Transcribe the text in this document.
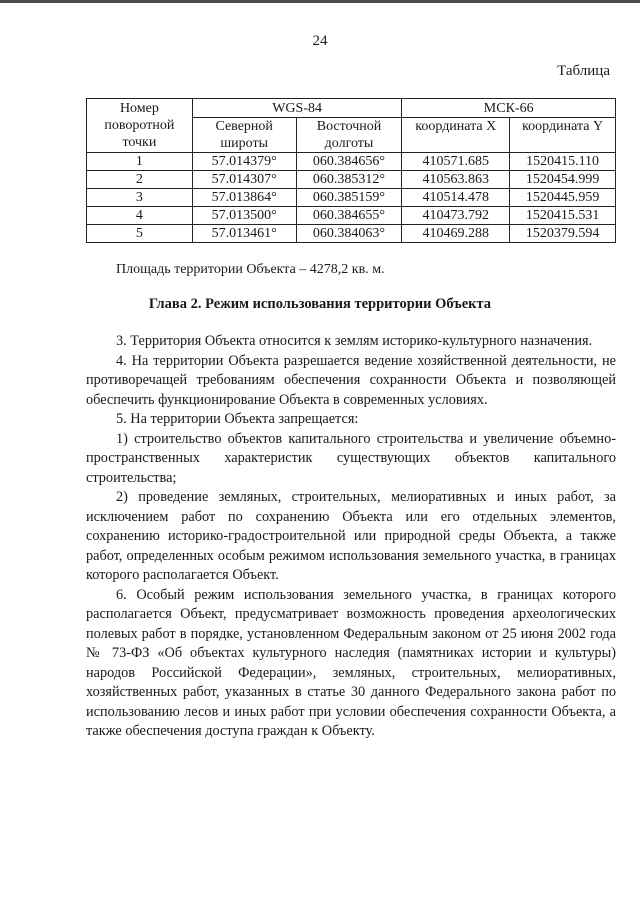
24
Таблица
Номер поворотной точки	WGS-84		МСК-66	
	Северной широты	Восточной долготы	координата X	координата Y
1	57.014379°	060.384656°	410571.685	1520415.110
2	57.014307°	060.385312°	410563.863	1520454.999
3	57.013864°	060.385159°	410514.478	1520445.959
4	57.013500°	060.384655°	410473.792	1520415.531
5	57.013461°	060.384063°	410469.288	1520379.594
Площадь территории Объекта – 4278,2 кв. м.
Глава 2. Режим использования территории Объекта

3. Территория Объекта относится к землям историко-культурного назначения.

4. На территории Объекта разрешается ведение хозяйственной деятельности, не противоречащей требованиям обеспечения сохранности Объекта и позволяющей обеспечить функционирование Объекта в современных условиях.

5. На территории Объекта запрещается:

1) строительство объектов капитального строительства и увеличение объемно-пространственных характеристик существующих объектов капитального строительства;

2) проведение земляных, строительных, мелиоративных и иных работ, за исключением работ по сохранению Объекта или его отдельных элементов, сохранению историко-градостроительной или природной среды Объекта, а также работ, определенных особым режимом использования земельного участка, в границах которого располагается Объект.

6. Особый режим использования земельного участка, в границах которого располагается Объект, предусматривает возможность проведения археологических полевых работ в порядке, установленном Федеральным законом от 25 июня 2002 года № 73-ФЗ «Об объектах культурного наследия (памятниках истории и культуры) народов Российской Федерации», земляных, строительных, мелиоративных, хозяйственных работ, указанных в статье 30 данного Федерального закона работ по использованию лесов и иных работ при условии обеспечения сохранности Объекта, а также обеспечения доступа граждан к Объекту.
